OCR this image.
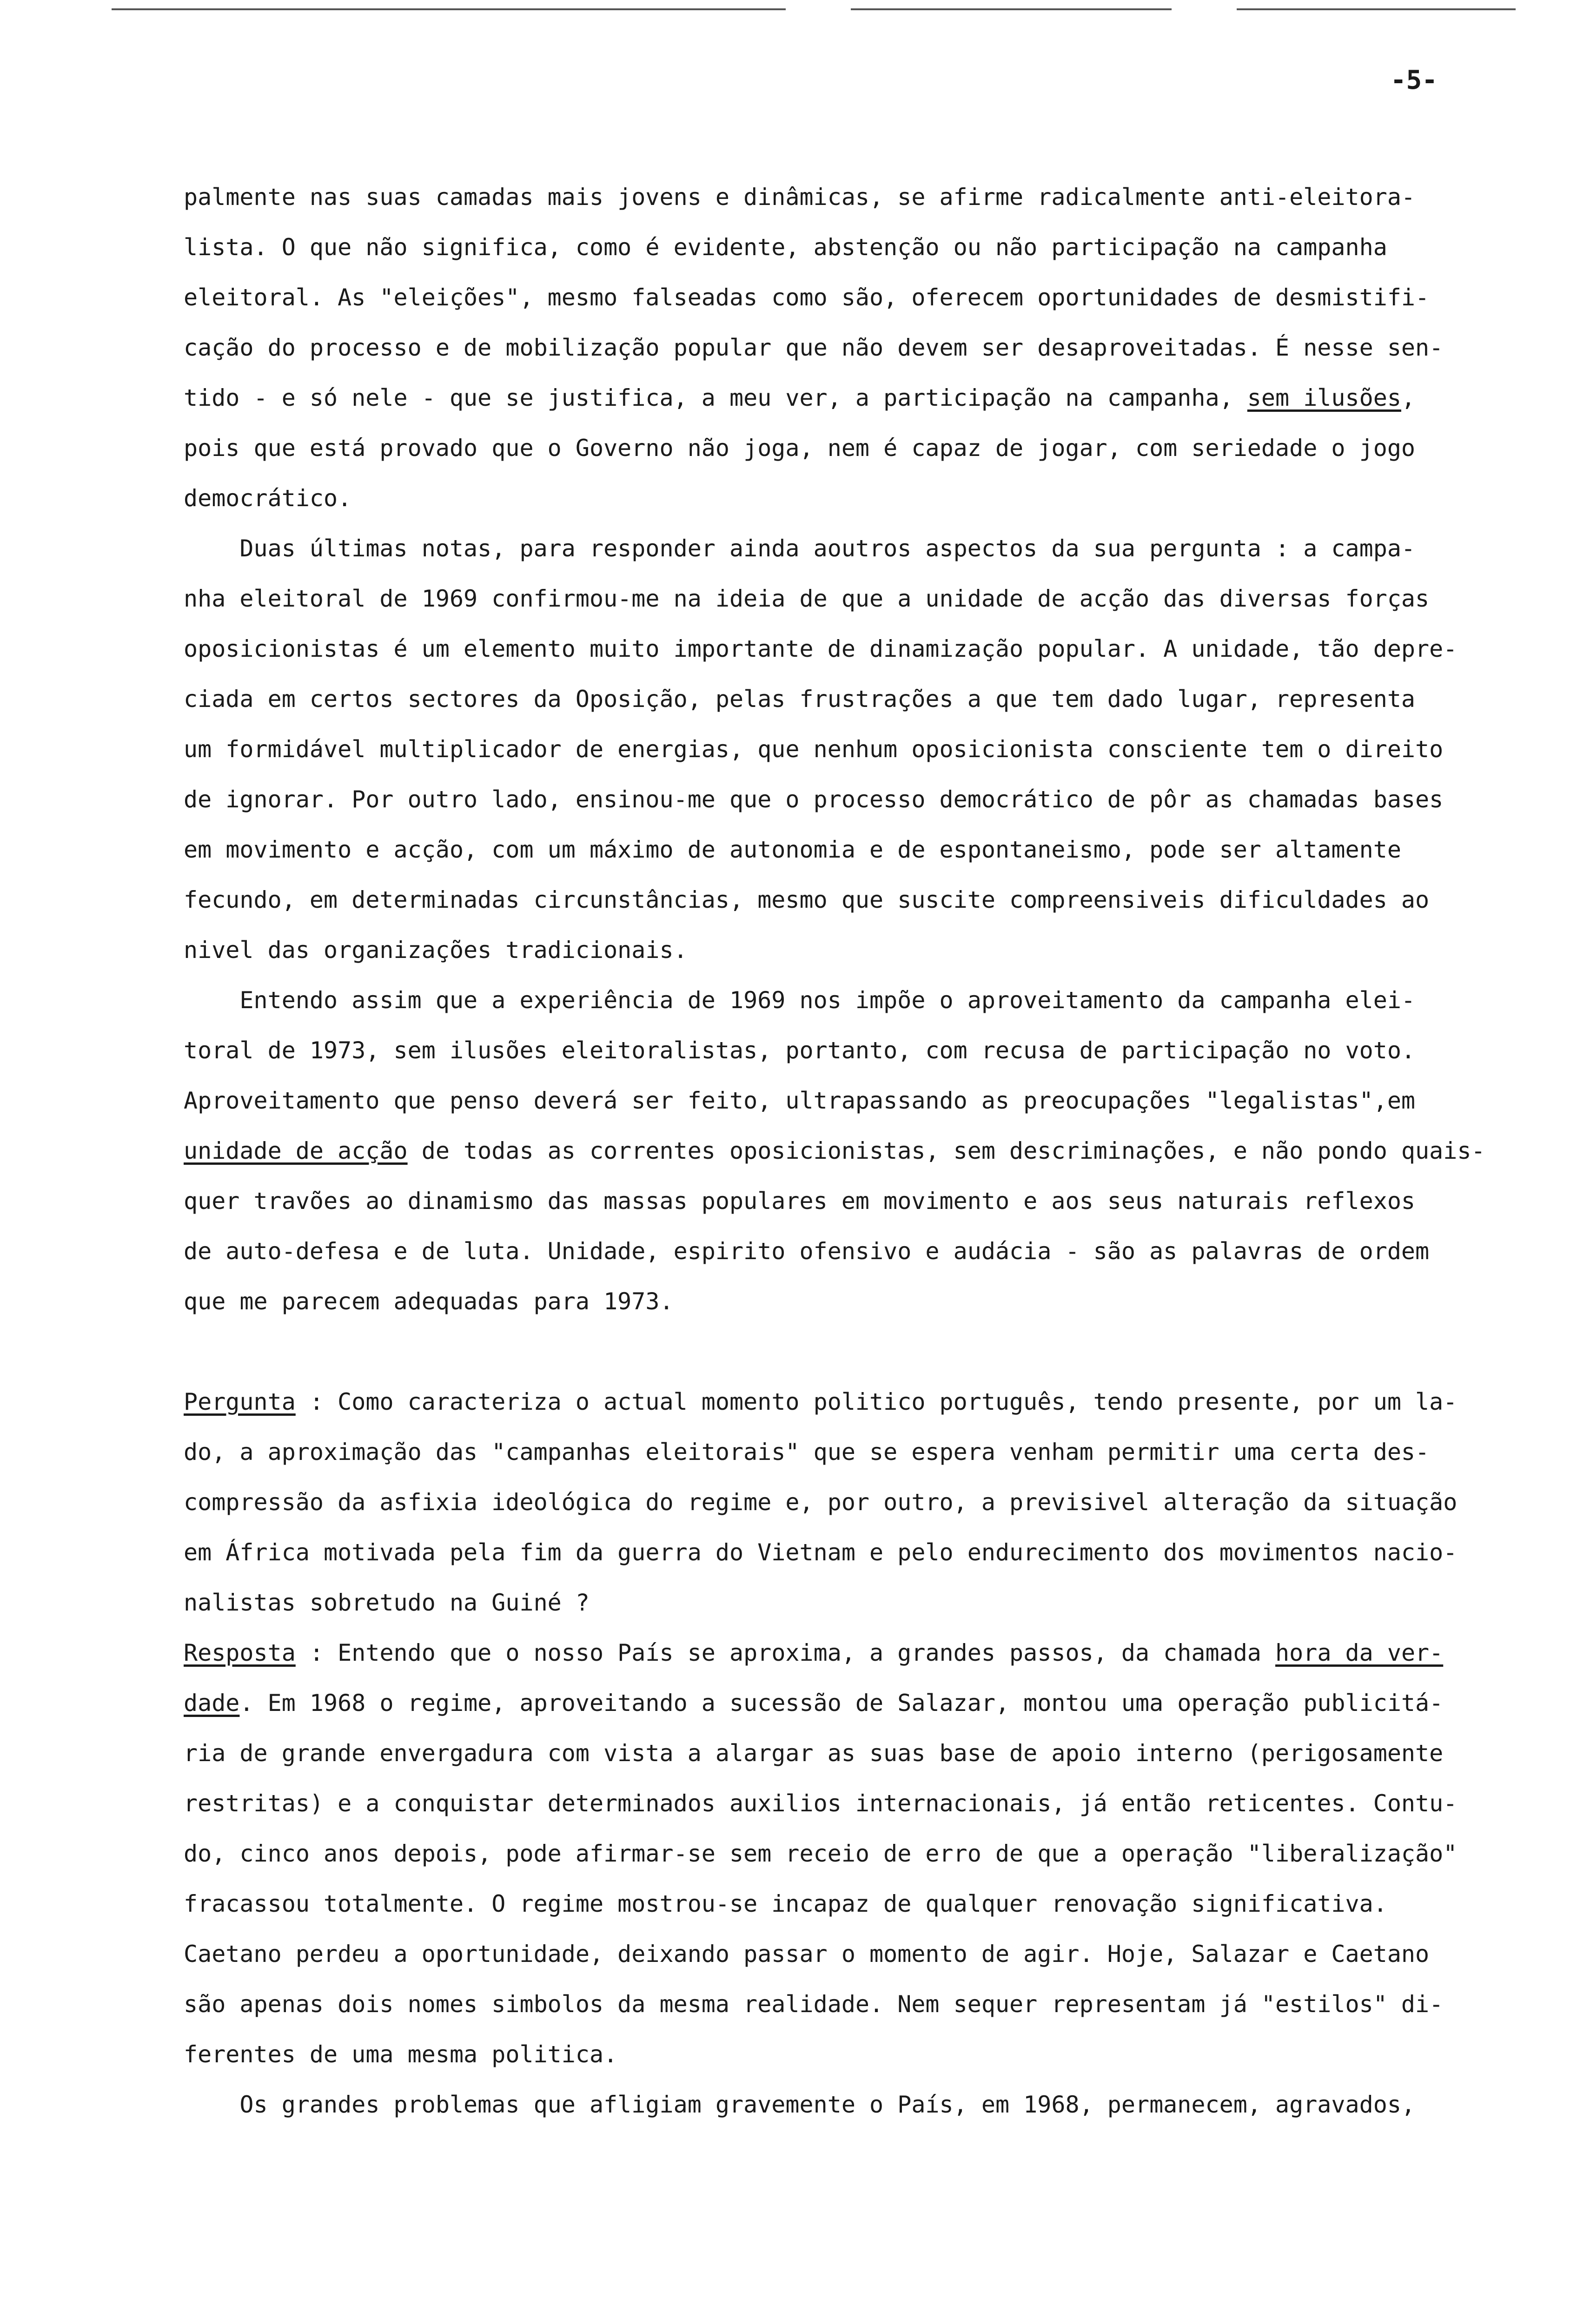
-5-
palmente nas suas camadas mais jovens e dinâmicas, se afirme radicalmente anti-eleitora-
lista. O que não significa, como é evidente, abstenção ou não participação na campanha
eleitoral. As "eleições", mesmo falseadas como são, oferecem oportunidades de desmistifi-
cação do processo e de mobilização popular que não devem ser desaproveitadas. É nesse sen-
tido - e só nele - que se justifica, a meu ver, a participação na campanha, sem ilusões,
pois que está provado que o Governo não joga, nem é capaz de jogar, com seriedade o jogo
democrático.
Duas últimas notas, para responder ainda aoutros aspectos da sua pergunta : a campa-
nha eleitoral de 1969 confirmou-me na ideia de que a unidade de acção das diversas forças
oposicionistas é um elemento muito importante de dinamização popular. A unidade, tão depre-
ciada em certos sectores da Oposição, pelas frustrações a que tem dado lugar, representa
um formidável multiplicador de energias, que nenhum oposicionista consciente tem o direito
de ignorar. Por outro lado, ensinou-me que o processo democrático de pôr as chamadas bases
em movimento e acção, com um máximo de autonomia e de espontaneismo, pode ser altamente
fecundo, em determinadas circunstâncias, mesmo que suscite compreensiveis dificuldades ao
nivel das organizações tradicionais.
Entendo assim que a experiência de 1969 nos impõe o aproveitamento da campanha elei-
toral de 1973, sem ilusões eleitoralistas, portanto, com recusa de participação no voto.
Aproveitamento que penso deverá ser feito, ultrapassando as preocupações "legalistas",em
unidade de acção de todas as correntes oposicionistas, sem descriminações, e não pondo quais-
quer travões ao dinamismo das massas populares em movimento e aos seus naturais reflexos
de auto-defesa e de luta. Unidade, espirito ofensivo e audácia - são as palavras de ordem
que me parecem adequadas para 1973.
Pergunta : Como caracteriza o actual momento politico português, tendo presente, por um la-
do, a aproximação das "campanhas eleitorais" que se espera venham permitir uma certa des-
compressão da asfixia ideológica do regime e, por outro, a previsivel alteração da situação
em África motivada pela fim da guerra do Vietnam e pelo endurecimento dos movimentos nacio-
nalistas sobretudo na Guiné ?
Resposta : Entendo que o nosso País se aproxima, a grandes passos, da chamada hora da ver-
dade. Em 1968 o regime, aproveitando a sucessão de Salazar, montou uma operação publicitá-
ria de grande envergadura com vista a alargar as suas base de apoio interno (perigosamente
restritas) e a conquistar determinados auxilios internacionais, já então reticentes. Contu-
do, cinco anos depois, pode afirmar-se sem receio de erro de que a operação "liberalização"
fracassou totalmente. O regime mostrou-se incapaz de qualquer renovação significativa.
Caetano perdeu a oportunidade, deixando passar o momento de agir. Hoje, Salazar e Caetano
são apenas dois nomes simbolos da mesma realidade. Nem sequer representam já "estilos" di-
ferentes de uma mesma politica.
Os grandes problemas que afligiam gravemente o País, em 1968, permanecem, agravados,
